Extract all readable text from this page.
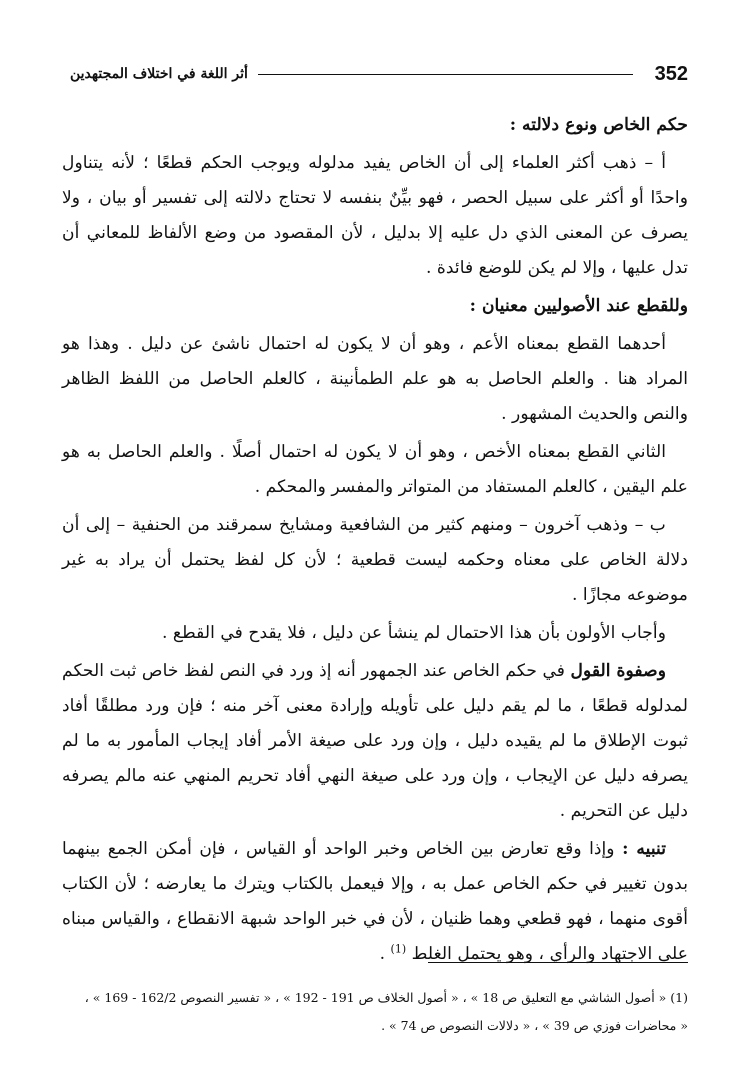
352
أثر اللغة في اختلاف المجتهدين

حكم الخاص ونوع دلالته :

أ – ذهب أكثر العلماء إلى أن الخاص يفيد مدلوله ويوجب الحكم قطعًا ؛ لأنه يتناول واحدًا أو أكثر على سبيل الحصر ، فهو بيِّنٌ بنفسه لا تحتاج دلالته إلى تفسير أو بيان ، ولا يصرف عن المعنى الذي دل عليه إلا بدليل ، لأن المقصود من وضع الألفاظ للمعاني أن تدل عليها ، وإلا لم يكن للوضع فائدة .

وللقطع عند الأصوليين معنيان :

أحدهما القطع بمعناه الأعم ، وهو أن لا يكون له احتمال ناشئ عن دليل . وهذا هو المراد هنا . والعلم الحاصل به هو علم الطمأنينة ، كالعلم الحاصل من اللفظ الظاهر والنص والحديث المشهور .

الثاني القطع بمعناه الأخص ، وهو أن لا يكون له احتمال أصلًا . والعلم الحاصل به هو علم اليقين ، كالعلم المستفاد من المتواتر والمفسر والمحكم .

ب – وذهب آخرون – ومنهم كثير من الشافعية ومشايخ سمرقند من الحنفية – إلى أن دلالة الخاص على معناه وحكمه ليست قطعية ؛ لأن كل لفظ يحتمل أن يراد به غير موضوعه مجازًا .

وأجاب الأولون بأن هذا الاحتمال لم ينشأ عن دليل ، فلا يقدح في القطع .

وصفوة القول في حكم الخاص عند الجمهور أنه إذ ورد في النص لفظ خاص ثبت الحكم لمدلوله قطعًا ، ما لم يقم دليل على تأويله وإرادة معنى آخر منه ؛ فإن ورد مطلقًا أفاد ثبوت الإطلاق ما لم يقيده دليل ، وإن ورد على صيغة الأمر أفاد إيجاب المأمور به ما لم يصرفه دليل عن الإيجاب ، وإن ورد على صيغة النهي أفاد تحريم المنهي عنه مالم يصرفه دليل عن التحريم .

تنبيه : وإذا وقع تعارض بين الخاص وخبر الواحد أو القياس ، فإن أمكن الجمع بينهما بدون تغيير في حكم الخاص عمل به ، وإلا فيعمل بالكتاب ويترك ما يعارضه ؛ لأن الكتاب أقوى منهما ، فهو قطعي وهما ظنيان ، لأن في خبر الواحد شبهة الانقطاع ، والقياس مبناه على الاجتهاد والرأي ، وهو يحتمل الغلط $^{(1)}$ .

(1) « أصول الشاشي مع التعليق ص 18 » ، « أصول الخلاف ص 191 - 192 » ، « تفسير النصوص 162/2 - 169 » ،

« محاضرات فوزي ص 39 » ، « دلالات النصوص ص 74 » .
